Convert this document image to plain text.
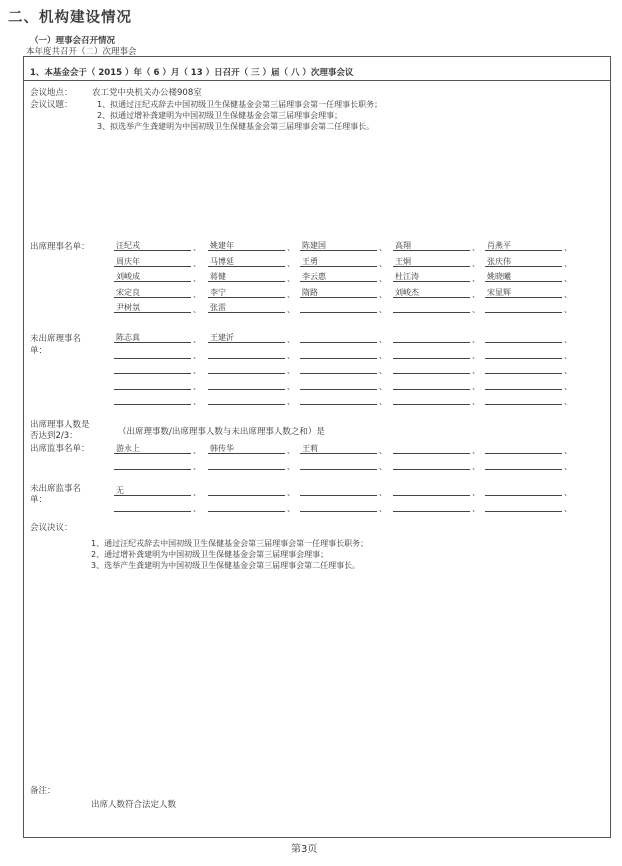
二、机构建设情况
（一）理事会召开情况
本年度共召开（二）次理事会
1、本基金会于（ 2015 ）年（ 6 ）月（ 13 ）日召开（ 三 ）届（ 八 ）次理事会议
会议地点： 农工党中央机关办公楼908室
会议议题：	1、拟通过汪纪戎辞去中国初级卫生保健基金会第三届理事会第一任理事长职务；
2、拟通过增补龚建明为中国初级卫生保健基金会第三届理事会理事；
3、拟选举产生龚建明为中国初级卫生保健基金会第三届理事会第二任理事长。
出席理事名单：	汪纪戎	、 姚建年	、 陈建国	、 高翔	、 肖燕平	、
周庆年	、 马博延	、 王勇	、 王炯	、 张庆伟	、
刘峻成	、 蒋健	、 李云惠	、 杜江涛	、 姚晓曦	、
宋定良	、 李宁	、 隋路	、 刘峻杰	、 宋显辉	、
尹树氛	、 张雷	、	、	、	、
未出席理事名
单：
陈志真	、 王建沂	、	、	、	、
、	、	、	、	、
、	、	、	、	、
、	、	、	、	、
、	、	、	、	、
出席理事人数是
否达到2/3：	（出席理事数/出席理事人数与未出席理事人数之和）是
出席监事名单：	游永上	、 韩传华	、 王莉	、	、	、
、	、	、	、	、
未出席监事名
单：
无	、	、	、	、	、
、	、	、	、	、
会议决议：
1、通过汪纪戎辞去中国初级卫生保健基金会第三届理事会第一任理事长职务；
2、通过增补龚建明为中国初级卫生保健基金会第三届理事会理事；
3、选举产生龚建明为中国初级卫生保健基金会第三届理事会第二任理事长。
备注：
出席人数符合法定人数
第3页
